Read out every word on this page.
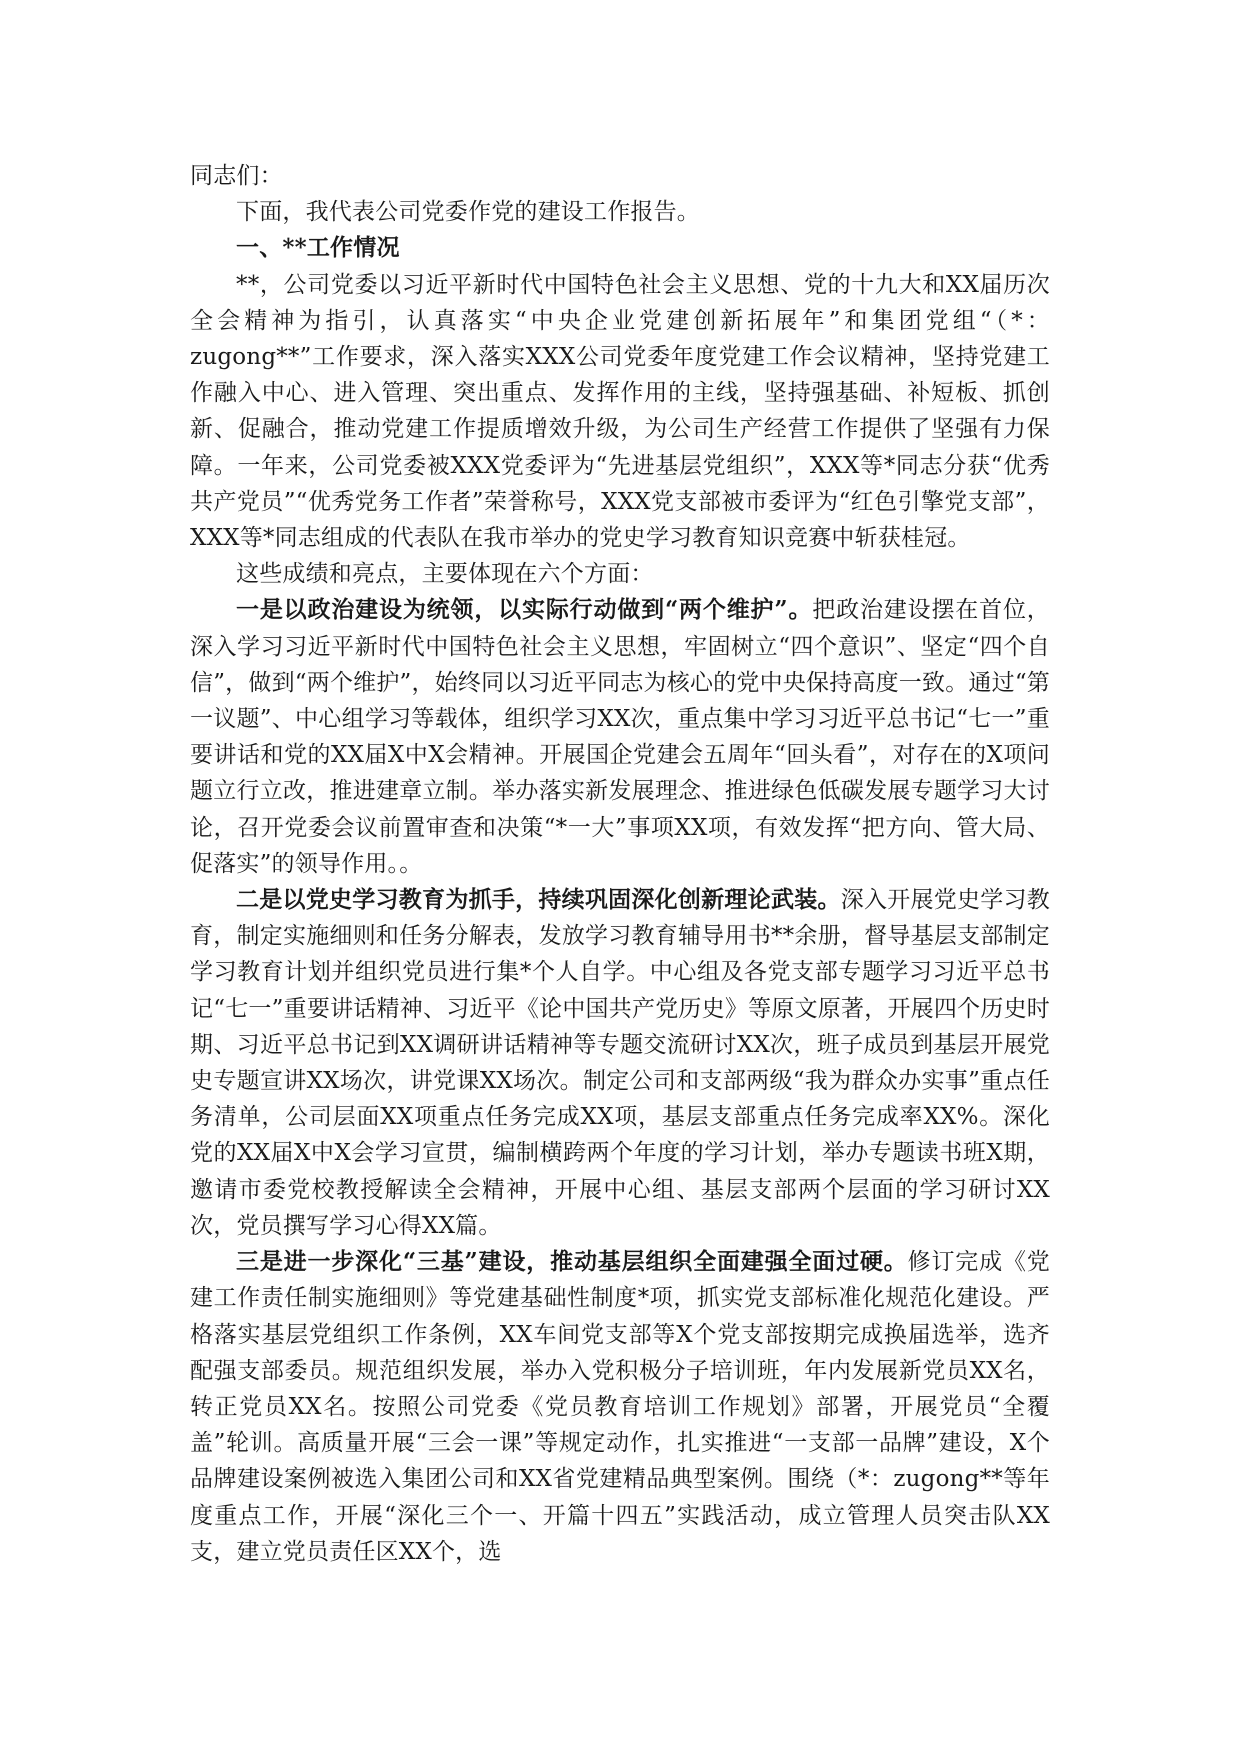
同志们：

下面，我代表公司党委作党的建设工作报告。

一、**工作情况

**，公司党委以习近平新时代中国特色社会主义思想、党的十九大和XX届历次全会精神为指引，认真落实“中央企业党建创新拓展年”和集团党组“（*：zugong**”工作要求，深入落实XXX公司党委年度党建工作会议精神，坚持党建工作融入中心、进入管理、突出重点、发挥作用的主线，坚持强基础、补短板、抓创新、促融合，推动党建工作提质增效升级，为公司生产经营工作提供了坚强有力保障。一年来，公司党委被XXX党委评为“先进基层党组织”，XXX等*同志分获“优秀共产党员”“优秀党务工作者”荣誉称号，XXX党支部被市委评为“红色引擎党支部”，XXX等*同志组成的代表队在我市举办的党史学习教育知识竞赛中斩获桂冠。

这些成绩和亮点，主要体现在六个方面：

一是以政治建设为统领，以实际行动做到“两个维护”。把政治建设摆在首位，深入学习习近平新时代中国特色社会主义思想，牢固树立“四个意识”、坚定“四个自信”，做到“两个维护”，始终同以习近平同志为核心的党中央保持高度一致。通过“第一议题”、中心组学习等载体，组织学习XX次，重点集中学习习近平总书记“七一”重要讲话和党的XX届X中X会精神。开展国企党建会五周年“回头看”，对存在的X项问题立行立改，推进建章立制。举办落实新发展理念、推进绿色低碳发展专题学习大讨论，召开党委会议前置审查和决策“*一大”事项XX项，有效发挥“把方向、管大局、促落实”的领导作用。。

二是以党史学习教育为抓手，持续巩固深化创新理论武装。深入开展党史学习教育，制定实施细则和任务分解表，发放学习教育辅导用书**余册，督导基层支部制定学习教育计划并组织党员进行集*个人自学。中心组及各党支部专题学习习近平总书记“七一”重要讲话精神、习近平《论中国共产党历史》等原文原著，开展四个历史时期、习近平总书记到XX调研讲话精神等专题交流研讨XX次，班子成员到基层开展党史专题宣讲XX场次，讲党课XX场次。制定公司和支部两级“我为群众办实事”重点任务清单，公司层面XX项重点任务完成XX项，基层支部重点任务完成率XX%。深化党的XX届X中X会学习宣贯，编制横跨两个年度的学习计划，举办专题读书班X期，邀请市委党校教授解读全会精神，开展中心组、基层支部两个层面的学习研讨XX次，党员撰写学习心得XX篇。

三是进一步深化“三基”建设，推动基层组织全面建强全面过硬。修订完成《党建工作责任制实施细则》等党建基础性制度*项，抓实党支部标准化规范化建设。严格落实基层党组织工作条例，XX车间党支部等X个党支部按期完成换届选举，选齐配强支部委员。规范组织发展，举办入党积极分子培训班，年内发展新党员XX名，转正党员XX名。按照公司党委《党员教育培训工作规划》部署，开展党员“全覆盖”轮训。高质量开展“三会一课”等规定动作，扎实推进“一支部一品牌”建设，X个品牌建设案例被选入集团公司和XX省党建精品典型案例。围绕（*：zugong**等年度重点工作，开展“深化三个一、开篇十四五”实践活动，成立管理人员突击队XX支，建立党员责任区XX个，选
